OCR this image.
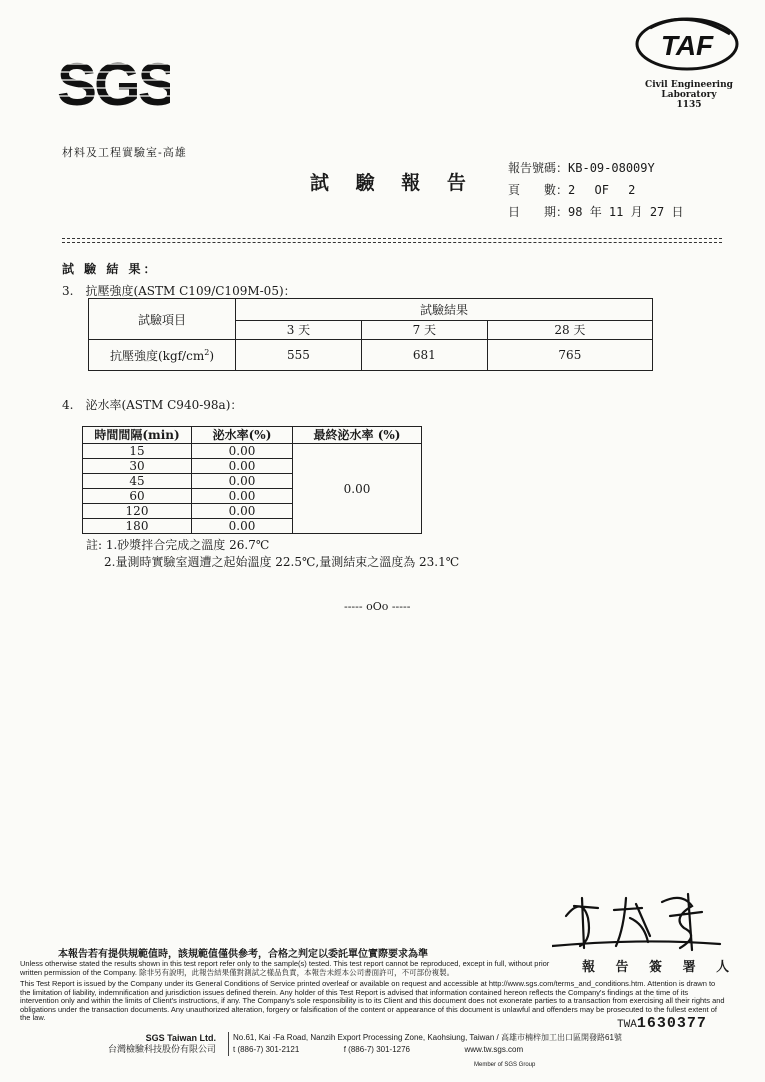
SGS
TAF
Civil Engineering
Laboratory
1135
材料及工程實驗室-高雄
試 驗 報 告
報告號碼：KB-09-08009Y
頁　　數：2　 OF　 2
日　　期：98 年 11 月 27 日
試 驗 結 果：
3.　抗壓強度(ASTM C109/C109M-05)：
試驗項目	試驗結果		
	3 天	7 天	28 天
抗壓強度$(kgf/cm^2)$	555	681	765
4.　泌水率(ASTM C940-98a)：
時間間隔(min)	泌水率(%)	最終泌水率 (%)
15	0.00	0.00
30	0.00	
45	0.00	
60	0.00	
120	0.00	
180	0.00	
註: 1.砂漿拌合完成之溫度 26.7℃
2.量測時實驗室週遭之起始溫度 22.5℃,量測結束之溫度為 23.1℃
----- oOo -----
報 告 簽 署 人
本報告若有提供規範值時，該規範值僅供參考，合格之判定以委託單位實際要求為準
Unless otherwise stated the results shown in this test report refer only to the sample(s) tested. This test report cannot be reproduced, except in full, without prior written permission of the Company. 除非另有說明，此報告結果僅對測試之樣品負責，本報告未經本公司書面許可，不可部份複製。
This Test Report is issued by the Company under its General Conditions of Service printed overleaf or available on request and accessible at http://www.sgs.com/terms_and_conditions.htm. Attention is drawn to the limitation of liability, indemnification and jurisdiction issues defined therein. Any holder of this Test Report is advised that information contained hereon reflects the Company's findings at the time of its intervention only and within the limits of Client's instructions, if any. The Company's sole responsibility is to its Client and this document does not exonerate parties to a transaction from exercising all their rights and obligations under the transaction documents. Any unauthorized alteration, forgery or falsification of the content or appearance of this document is unlawful and offenders may be prosecuted to the fullest extent of the law.
TWA1630377
SGS Taiwan Ltd.
台灣檢驗科技股份有限公司
No.61, Kai -Fa Road, Nanzih Export Processing Zone, Kaohsiung, Taiwan / 高雄市楠梓加工出口區開發路61號
t (886-7) 301-2121	f (886-7) 301-1276	www.tw.sgs.com
Member of SGS Group
